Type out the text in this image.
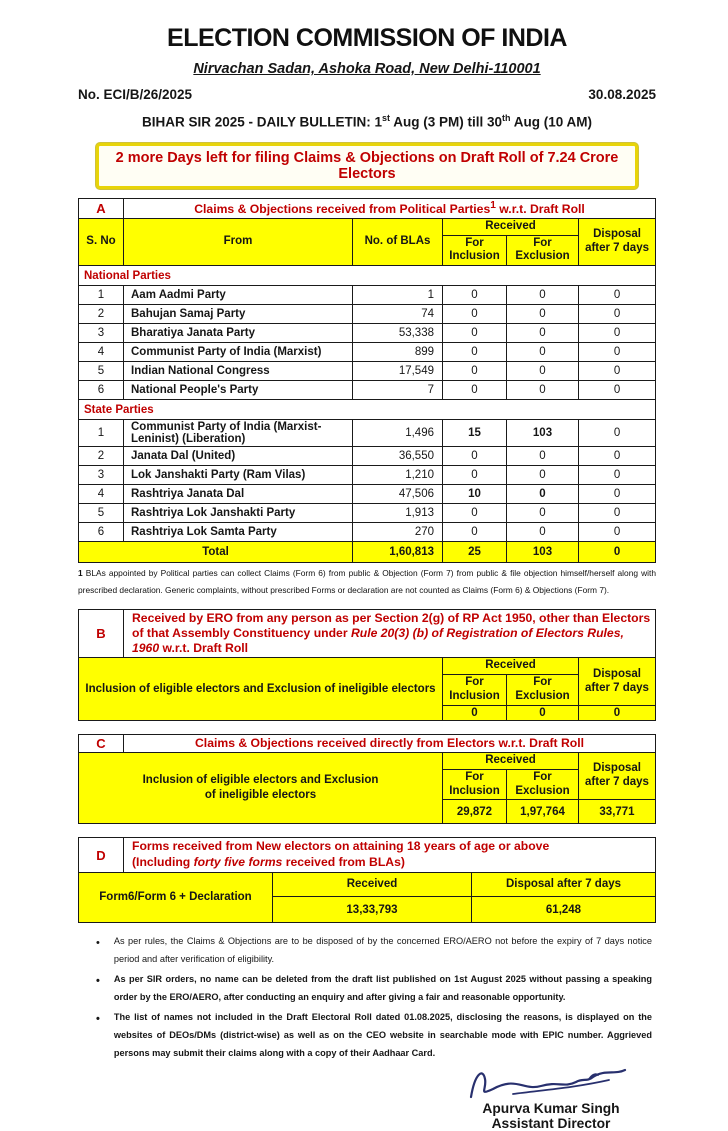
ELECTION COMMISSION OF INDIA
Nirvachan Sadan, Ashoka Road, New Delhi-110001
No. ECI/B/26/2025	30.08.2025
BIHAR SIR 2025 - DAILY BULLETIN: 1st Aug (3 PM) till 30th Aug (10 AM)
2 more Days left for filing Claims & Objections on Draft Roll of 7.24 Crore Electors
A	Claims & Objections received from Political Parties$^1$ w.r.t. Draft Roll				
S. No	From	No. of BLAs	Received		Disposal after 7 days
			For Inclusion	For Exclusion	
National Parties					
1	Aam Aadmi Party	1	0	0	0
2	Bahujan Samaj Party	74	0	0	0
3	Bharatiya Janata Party	53,338	0	0	0
4	Communist Party of India (Marxist)	899	0	0	0
5	Indian National Congress	17,549	0	0	0
6	National People's Party	7	0	0	0
State Parties					
1	Communist Party of India (Marxist-Leninist) (Liberation)	1,496	15	103	0
2	Janata Dal (United)	36,550	0	0	0
3	Lok Janshakti Party (Ram Vilas)	1,210	0	0	0
4	Rashtriya Janata Dal	47,506	10	0	0
5	Rashtriya Lok Janshakti Party	1,913	0	0	0
6	Rashtriya Lok Samta Party	270	0	0	0
Total		1,60,813	25	103	0
1 BLAs appointed by Political parties can collect Claims (Form 6) from public & Objection (Form 7) from public & file objection himself/herself along with prescribed declaration. Generic complaints, without prescribed Forms or declaration are not counted as Claims (Form 6) & Objections (Form 7).
B	Received by ERO from any person as per Section 2(g) of RP Act 1950, other than Electors of that Assembly Constituency under Rule 20(3) (b) of Registration of Electors Rules, 1960 w.r.t. Draft Roll			
Inclusion of eligible electors and Exclusion of ineligible electors		Received		Disposal after 7 days
		For Inclusion	For Exclusion	
		0	0	0
C	Claims & Objections received directly from Electors w.r.t. Draft Roll			
Inclusion of eligible electors and Exclusion of ineligible electors		Received		Disposal after 7 days
		For Inclusion	For Exclusion	
		29,872	1,97,764	33,771
D	Forms received from New electors on attaining 18 years of age or above
(Including forty five forms received from BLAs)		
Form6/Form 6 + Declaration		Received	Disposal after 7 days
		13,33,793	61,248
• As per rules, the Claims & Objections are to be disposed of by the concerned ERO/AERO not before the expiry of 7 days notice period and after verification of eligibility.
• As per SIR orders, no name can be deleted from the draft list published on 1st August 2025 without passing a speaking order by the ERO/AERO, after conducting an enquiry and after giving a fair and reasonable opportunity.
• The list of names not included in the Draft Electoral Roll dated 01.08.2025, disclosing the reasons, is displayed on the websites of DEOs/DMs (district-wise) as well as on the CEO website in searchable mode with EPIC number. Aggrieved persons may submit their claims along with a copy of their Aadhaar Card.
Apurva Kumar Singh
Assistant Director
